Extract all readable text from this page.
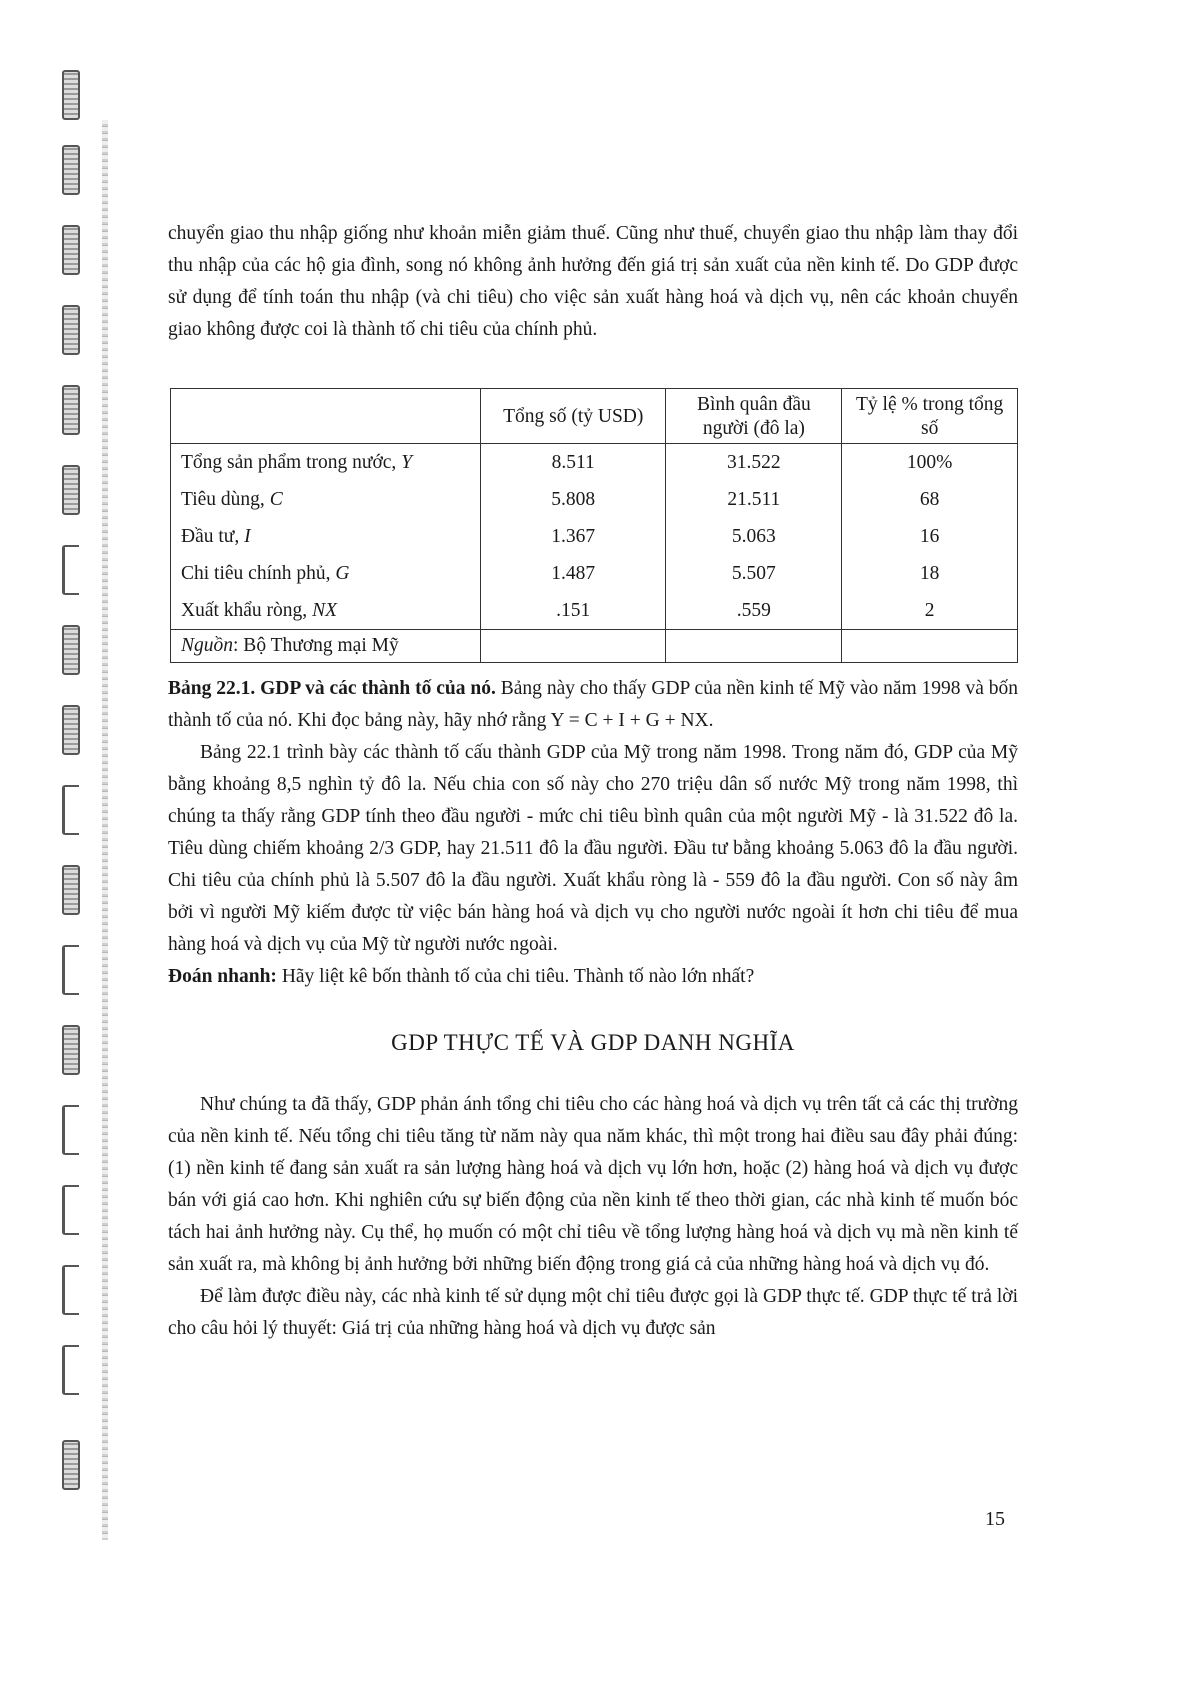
chuyển giao thu nhập giống như khoản miễn giảm thuế. Cũng như thuế, chuyển giao thu nhập làm thay đổi thu nhập của các hộ gia đình, song nó không ảnh hưởng đến giá trị sản xuất của nền kinh tế. Do GDP được sử dụng để tính toán thu nhập (và chi tiêu) cho việc sản xuất hàng hoá và dịch vụ, nên các khoản chuyển giao không được coi là thành tố chi tiêu của chính phủ.

	Tổng số (tỷ USD)	Bình quân đầu người (đô la)	Tỷ lệ % trong tổng số
Tổng sản phẩm trong nước, Y	8.511	31.522	100%
Tiêu dùng, C	5.808	21.511	68
Đầu tư, I	1.367	5.063	16
Chi tiêu chính phủ, G	1.487	5.507	18
Xuất khẩu ròng, NX	.151	.559	2
Nguồn: Bộ Thương mại Mỹ			

Bảng 22.1. GDP và các thành tố của nó. Bảng này cho thấy GDP của nền kinh tế Mỹ vào năm 1998 và bốn thành tố của nó. Khi đọc bảng này, hãy nhớ rằng Y = C + I + G + NX.

Bảng 22.1 trình bày các thành tố cấu thành GDP của Mỹ trong năm 1998. Trong năm đó, GDP của Mỹ bằng khoảng 8,5 nghìn tỷ đô la. Nếu chia con số này cho 270 triệu dân số nước Mỹ trong năm 1998, thì chúng ta thấy rằng GDP tính theo đầu người - mức chi tiêu bình quân của một người Mỹ - là 31.522 đô la. Tiêu dùng chiếm khoảng 2/3 GDP, hay 21.511 đô la đầu người. Đầu tư bằng khoảng 5.063 đô la đầu người. Chi tiêu của chính phủ là 5.507 đô la đầu người. Xuất khẩu ròng là - 559 đô la đầu người. Con số này âm bởi vì người Mỹ kiếm được từ việc bán hàng hoá và dịch vụ cho người nước ngoài ít hơn chi tiêu để mua hàng hoá và dịch vụ của Mỹ từ người nước ngoài.

Đoán nhanh: Hãy liệt kê bốn thành tố của chi tiêu. Thành tố nào lớn nhất?

GDP THỰC TẾ VÀ GDP DANH NGHĨA

Như chúng ta đã thấy, GDP phản ánh tổng chi tiêu cho các hàng hoá và dịch vụ trên tất cả các thị trường của nền kinh tế. Nếu tổng chi tiêu tăng từ năm này qua năm khác, thì một trong hai điều sau đây phải đúng: (1) nền kinh tế đang sản xuất ra sản lượng hàng hoá và dịch vụ lớn hơn, hoặc (2) hàng hoá và dịch vụ được bán với giá cao hơn. Khi nghiên cứu sự biến động của nền kinh tế theo thời gian, các nhà kinh tế muốn bóc tách hai ảnh hưởng này. Cụ thể, họ muốn có một chỉ tiêu về tổng lượng hàng hoá và dịch vụ mà nền kinh tế sản xuất ra, mà không bị ảnh hưởng bởi những biến động trong giá cả của những hàng hoá và dịch vụ đó.

Để làm được điều này, các nhà kinh tế sử dụng một chỉ tiêu được gọi là GDP thực tế. GDP thực tế trả lời cho câu hỏi lý thuyết: Giá trị của những hàng hoá và dịch vụ được sản

15
